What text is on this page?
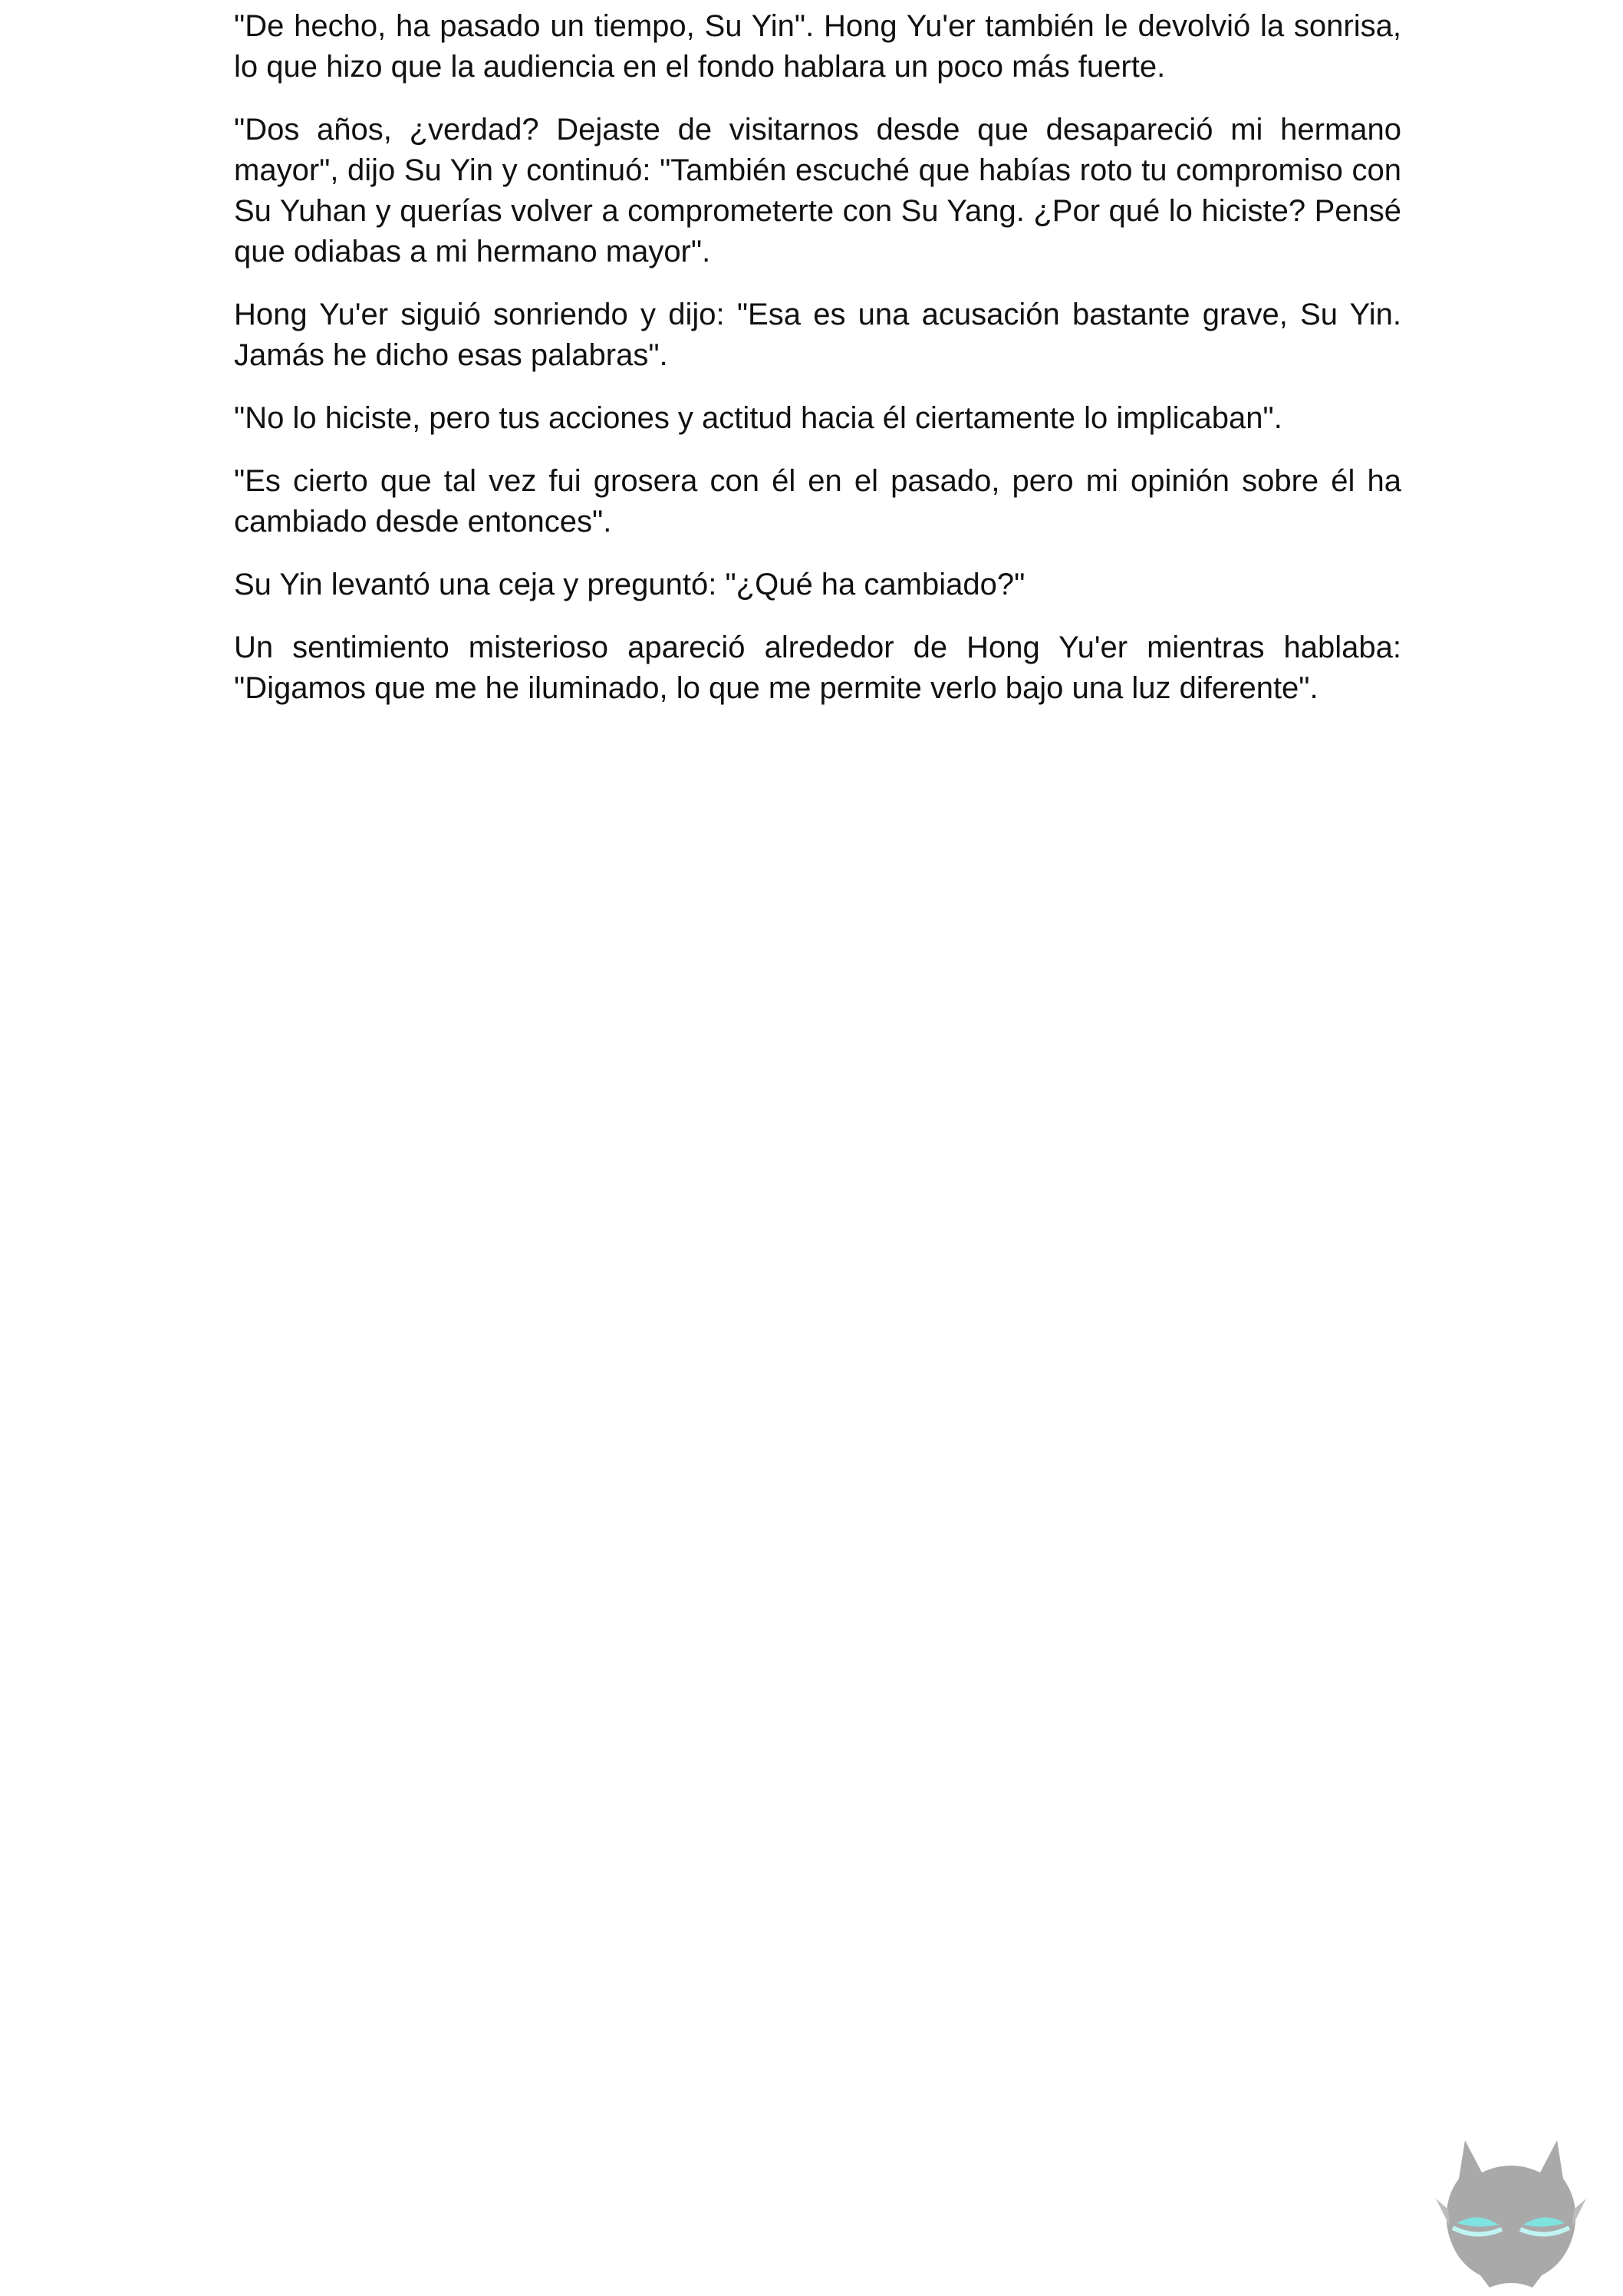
"De hecho, ha pasado un tiempo, Su Yin". Hong Yu'er también le devolvió la sonrisa, lo que hizo que la audiencia en el fondo hablara un poco más fuerte.

"Dos años, ¿verdad? Dejaste de visitarnos desde que desapareció mi hermano mayor", dijo Su Yin y continuó: "También escuché que habías roto tu compromiso con Su Yuhan y querías volver a comprometerte con Su Yang. ¿Por qué lo hiciste? Pensé que odiabas a mi hermano mayor".

Hong Yu'er siguió sonriendo y dijo: "Esa es una acusación bastante grave, Su Yin. Jamás he dicho esas palabras".

"No lo hiciste, pero tus acciones y actitud hacia él ciertamente lo implicaban".

"Es cierto que tal vez fui grosera con él en el pasado, pero mi opinión sobre él ha cambiado desde entonces".

Su Yin levantó una ceja y preguntó: "¿Qué ha cambiado?"

Un sentimiento misterioso apareció alrededor de Hong Yu'er mientras hablaba: "Digamos que me he iluminado, lo que me permite verlo bajo una luz diferente".
